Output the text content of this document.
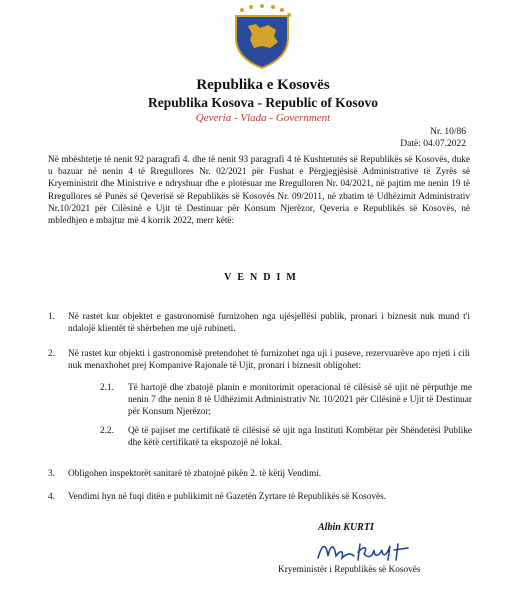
Republika e Kosovës
Republika Kosova - Republic of Kosovo
Qeveria - Vlada - Government
Nr. 10/86
Datë: 04.07.2022
Në mbështetje të nenit 92 paragrafi 4. dhe të nenit 93 paragrafi 4 të Kushtetutës së Republikës së Kosovës, duke u bazuar në nenin 4 të Rregullores Nr. 02/2021 për Fushat e Përgjegjësisë Administrative të Zyrës së Kryeministrit dhe Ministrive e ndryshuar dhe e plotësuar me Rregulloren Nr. 04/2021, në pajtim me nenin 19 të Rregullores së Punës së Qeverisë së Republikës së Kosovës Nr. 09/2011, në zbatim të Udhëzimit Administrativ Nr.10/2021 për Cilësinë e Ujit të Destinuar për Konsum Njerëzor, Qeveria e Republikës së Kosovës, në mbledhjen e mbajtur më 4 korrik 2022, merr këtë:
VENDIM
1. Në rastet kur objektet e gastronomisë furnizohen nga ujësjellësi publik, pronari i biznesit nuk mund t'i ndalojë klientët të shërbehen me ujë rubineti.
2. Në rastet kur objekti i gastronomisë pretendohet të furnizohet nga uji i puseve, rezervuarëve apo rrjeti i cili nuk menaxhohet prej Kompanive Rajonale të Ujit, pronari i biznesit obligohet:
2.1. Të hartojë dhe zbatojë planin e monitorimit operacional të cilësisë së ujit në përputhje me nenin 7 dhe nenin 8 të Udhëzimit Administrativ Nr. 10/2021 për Cilësinë e Ujit të Destinuar për Konsum Njerëzor;
2.2. Që të pajiset me certifikatë të cilësisë së ujit nga Instituti Kombëtar për Shëndetësi Publike dhe këtë certifikatë ta ekspozojë në lokal.
3. Obligohen inspektorët sanitarë të zbatojnë pikën 2. të këtij Vendimi.
4. Vendimi hyn në fuqi ditën e publikimit në Gazetën Zyrtare të Republikës së Kosovës.
Albin KURTI
Kryeministër i Republikës së Kosovës
